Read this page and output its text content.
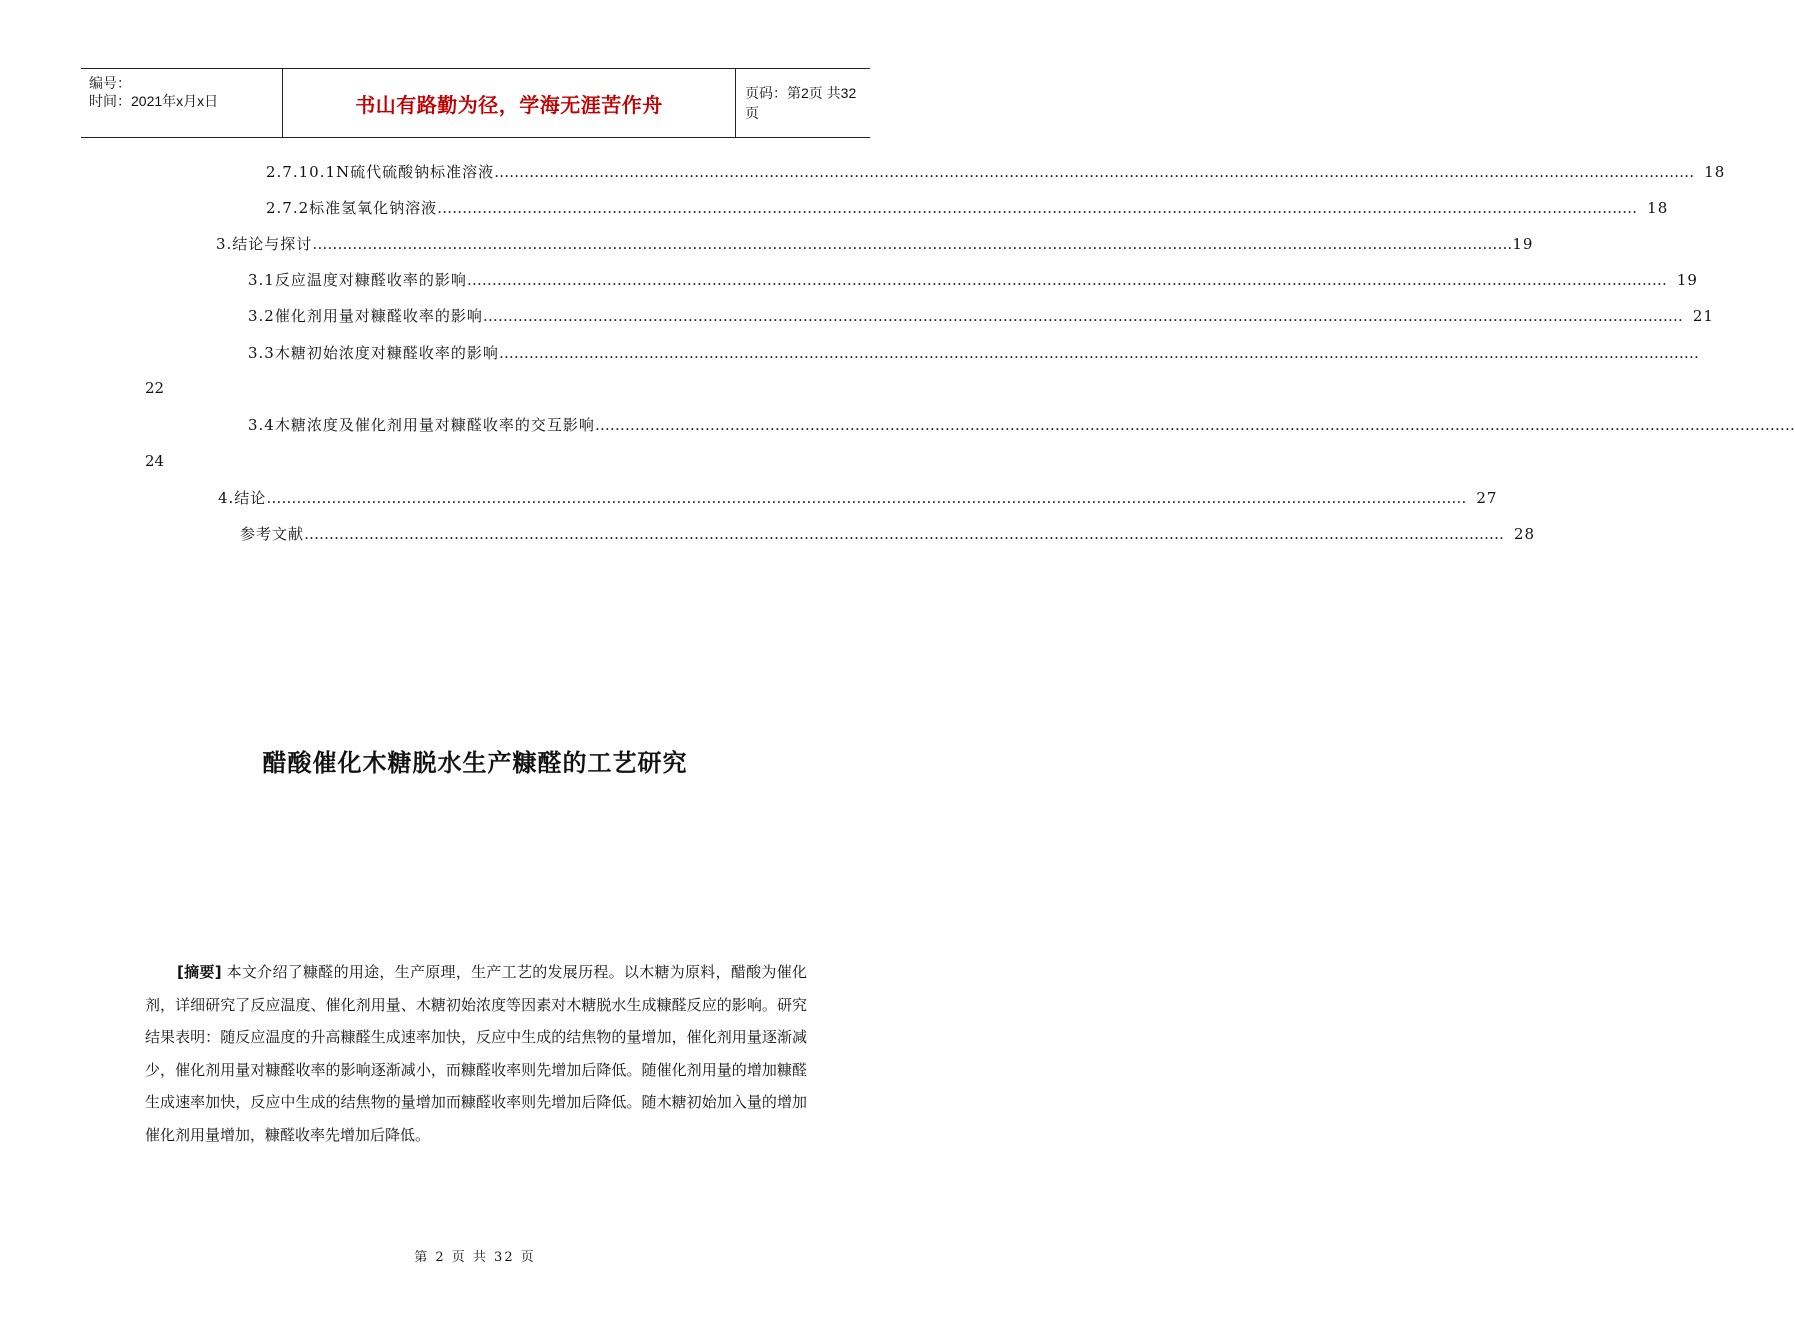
编号：
时间：2021年x月x日	书山有路勤为径，学海无涯苦作舟	页码：第2页 共32页
2.7.10.1N硫代硫酸钠标准溶液 …………………………………………………………………………………………………………………………………………………………………………………………………………………… 18
2.7.2标准氢氧化钠溶液 …………………………………………………………………………………………………………………………………………………………………………………………………………………… 18
3.结论与探讨 …………………………………………………………………………………………………………………………………………………………………………………………………………………… 19
3.1反应温度对糠醛收率的影响 …………………………………………………………………………………………………………………………………………………………………………………………………………………… 19
3.2催化剂用量对糠醛收率的影响 …………………………………………………………………………………………………………………………………………………………………………………………………………………… 21
3.3木糖初始浓度对糠醛收率的影响 ……………………………………………………………………………………………………………………………………………………………………………………………………………………
22
3.4木糖浓度及催化剂用量对糠醛收率的交互影响 ……………………………………………………………………………………………………………………………………………………………………………………………………………………
24
4.结论 …………………………………………………………………………………………………………………………………………………………………………………………………………………… 27
参考文献 …………………………………………………………………………………………………………………………………………………………………………………………………………………… 28
醋酸催化木糖脱水生产糠醛的工艺研究
[摘要] 本文介绍了糠醛的用途，生产原理，生产工艺的发展历程。以木糖为原料，醋酸为催化剂，详细研究了反应温度、催化剂用量、木糖初始浓度等因素对木糖脱水生成糠醛反应的影响。研究结果表明：随反应温度的升高糠醛生成速率加快，反应中生成的结焦物的量增加，催化剂用量逐渐减少，催化剂用量对糠醛收率的影响逐渐减小，而糠醛收率则先增加后降低。随催化剂用量的增加糠醛生成速率加快，反应中生成的结焦物的量增加而糠醛收率则先增加后降低。随木糖初始加入量的增加催化剂用量增加，糠醛收率先增加后降低。
第 2 页 共 32 页
